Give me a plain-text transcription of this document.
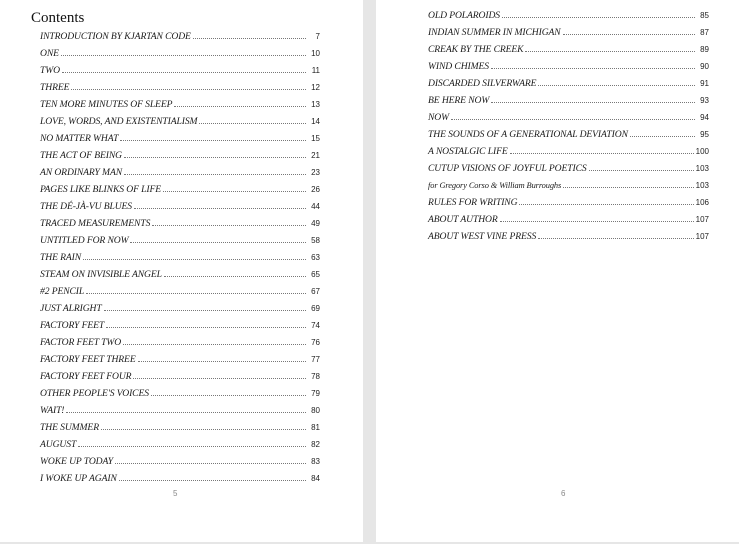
Contents
INTRODUCTION BY KJARTAN CODE	7
ONE	10
TWO	11
THREE	12
TEN MORE MINUTES OF SLEEP	13
LOVE, WORDS, AND EXISTENTIALISM	14
NO MATTER WHAT	15
THE ACT OF BEING	21
AN ORDINARY MAN	23
PAGES LIKE BLINKS OF LIFE	26
THE DÉ-JÀ-VU BLUES	44
TRACED MEASUREMENTS	49
UNTITLED FOR NOW	58
THE RAIN	63
STEAM ON INVISIBLE ANGEL	65
#2 PENCIL	67
JUST ALRIGHT	69
FACTORY FEET	74
FACTOR FEET TWO	76
FACTORY FEET THREE	77
FACTORY FEET FOUR	78
OTHER PEOPLE'S VOICES	79
WAIT!	80
THE SUMMER	81
AUGUST	82
WOKE UP TODAY	83
I WOKE UP AGAIN	84
5
OLD POLAROIDS	85
INDIAN SUMMER IN MICHIGAN	87
CREAK BY THE CREEK	89
WIND CHIMES	90
DISCARDED SILVERWARE	91
BE HERE NOW	93
NOW	94
THE SOUNDS OF A GENERATIONAL DEVIATION	95
A NOSTALGIC LIFE	100
CUTUP VISIONS OF JOYFUL POETICS	103
for Gregory Corso & William Burroughs	103
RULES FOR WRITING	106
ABOUT AUTHOR	107
ABOUT WEST VINE PRESS	107
6
